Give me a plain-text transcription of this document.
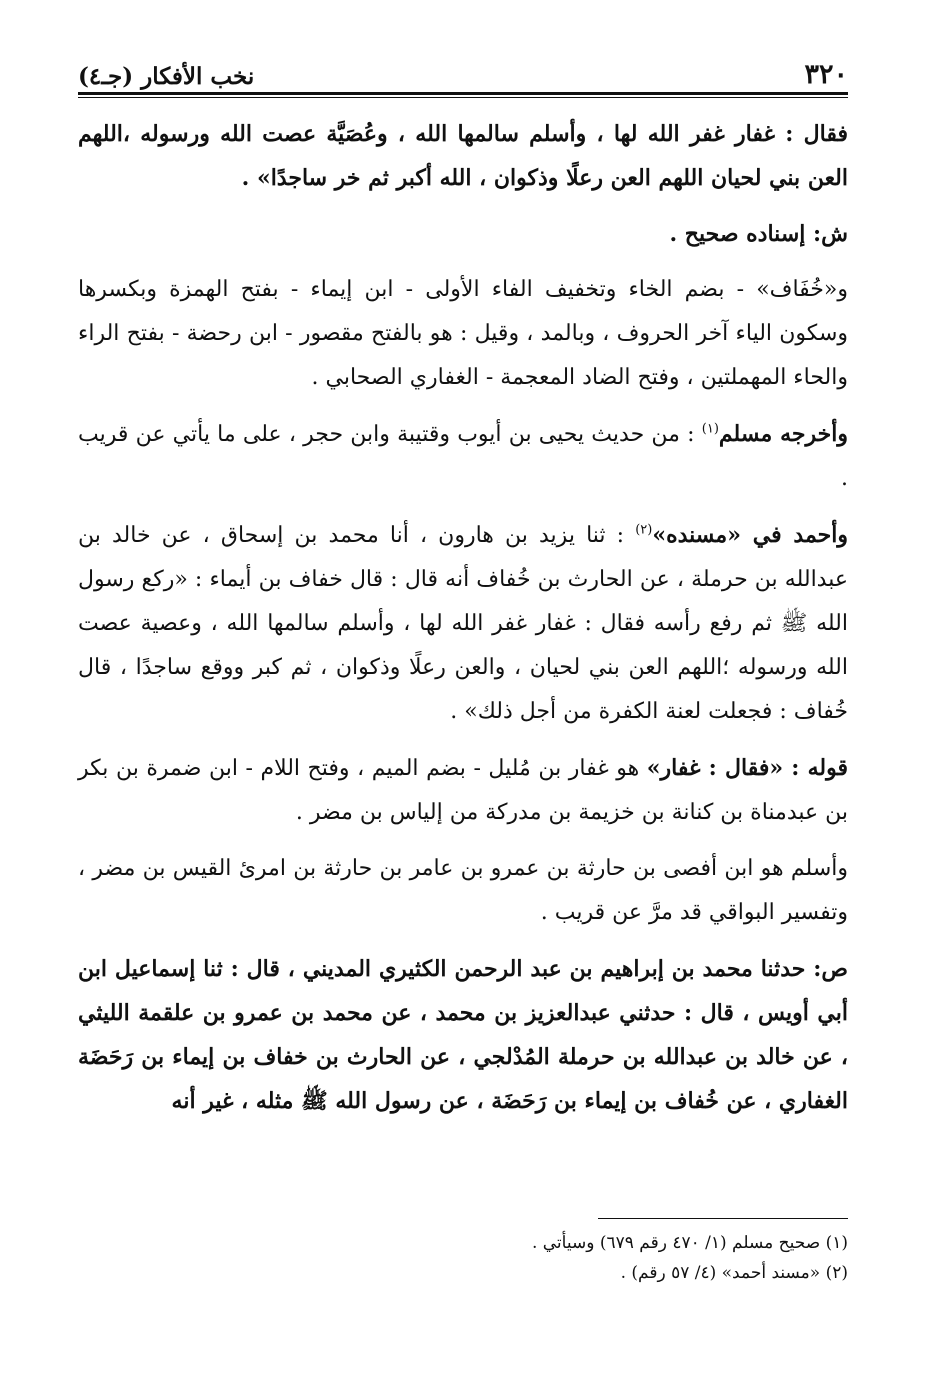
٣٢٠
نخب الأفكار (جـ٤)

فقال : غفار غفر الله لها ، وأسلم سالمها الله ، وعُصَيَّة عصت الله ورسوله ،اللهم العن بني لحيان اللهم العن رعلًا وذكوان ، الله أكبر ثم خر ساجدًا» .

ش: إسناده صحيح .

و«خُفَاف» - بضم الخاء وتخفيف الفاء الأولى - ابن إيماء - بفتح الهمزة وبكسرها وسكون الياء آخر الحروف ، وبالمد ، وقيل : هو بالفتح مقصور - ابن رحضة - بفتح الراء والحاء المهملتين ، وفتح الضاد المعجمة - الغفاري الصحابي .

وأخرجه مسلم$^{(١)}$ : من حديث يحيى بن أيوب وقتيبة وابن حجر ، على ما يأتي عن قريب .

وأحمد في «مسنده»$^{(٢)}$ : ثنا يزيد بن هارون ، أنا محمد بن إسحاق ، عن خالد بن عبدالله بن حرملة ، عن الحارث بن خُفاف أنه قال : قال خفاف بن أيماء : «ركع رسول الله ﷺ ثم رفع رأسه فقال : غفار غفر الله لها ، وأسلم سالمها الله ، وعصية عصت الله ورسوله ؛اللهم العن بني لحيان ، والعن رعلًا وذكوان ، ثم كبر ووقع ساجدًا ، قال خُفاف : فجعلت لعنة الكفرة من أجل ذلك» .

قوله : «فقال : غفار» هو غفار بن مُليل - بضم الميم ، وفتح اللام - ابن ضمرة بن بكر بن عبدمناة بن كنانة بن خزيمة بن مدركة من إلياس بن مضر .

وأسلم هو ابن أفصى بن حارثة بن عمرو بن عامر بن حارثة بن امرئ القيس بن مضر ، وتفسير البواقي قد مرَّ عن قريب .

ص: حدثنا محمد بن إبراهيم بن عبد الرحمن الكثيري المديني ، قال : ثنا إسماعيل ابن أبي أويس ، قال : حدثني عبدالعزيز بن محمد ، عن محمد بن عمرو بن علقمة الليثي ، عن خالد بن عبدالله بن حرملة المُدْلجي ، عن الحارث بن خفاف بن إيماء بن رَحَضَة الغفاري ، عن خُفاف بن إيماء بن رَحَضَة ، عن رسول الله ﷺ مثله ، غير أنه

(١) صحيح مسلم (١/ ٤٧٠ رقم ٦٧٩) وسيأتي .

(٢) «مسند أحمد» (٤/ ٥٧ رقم) .
